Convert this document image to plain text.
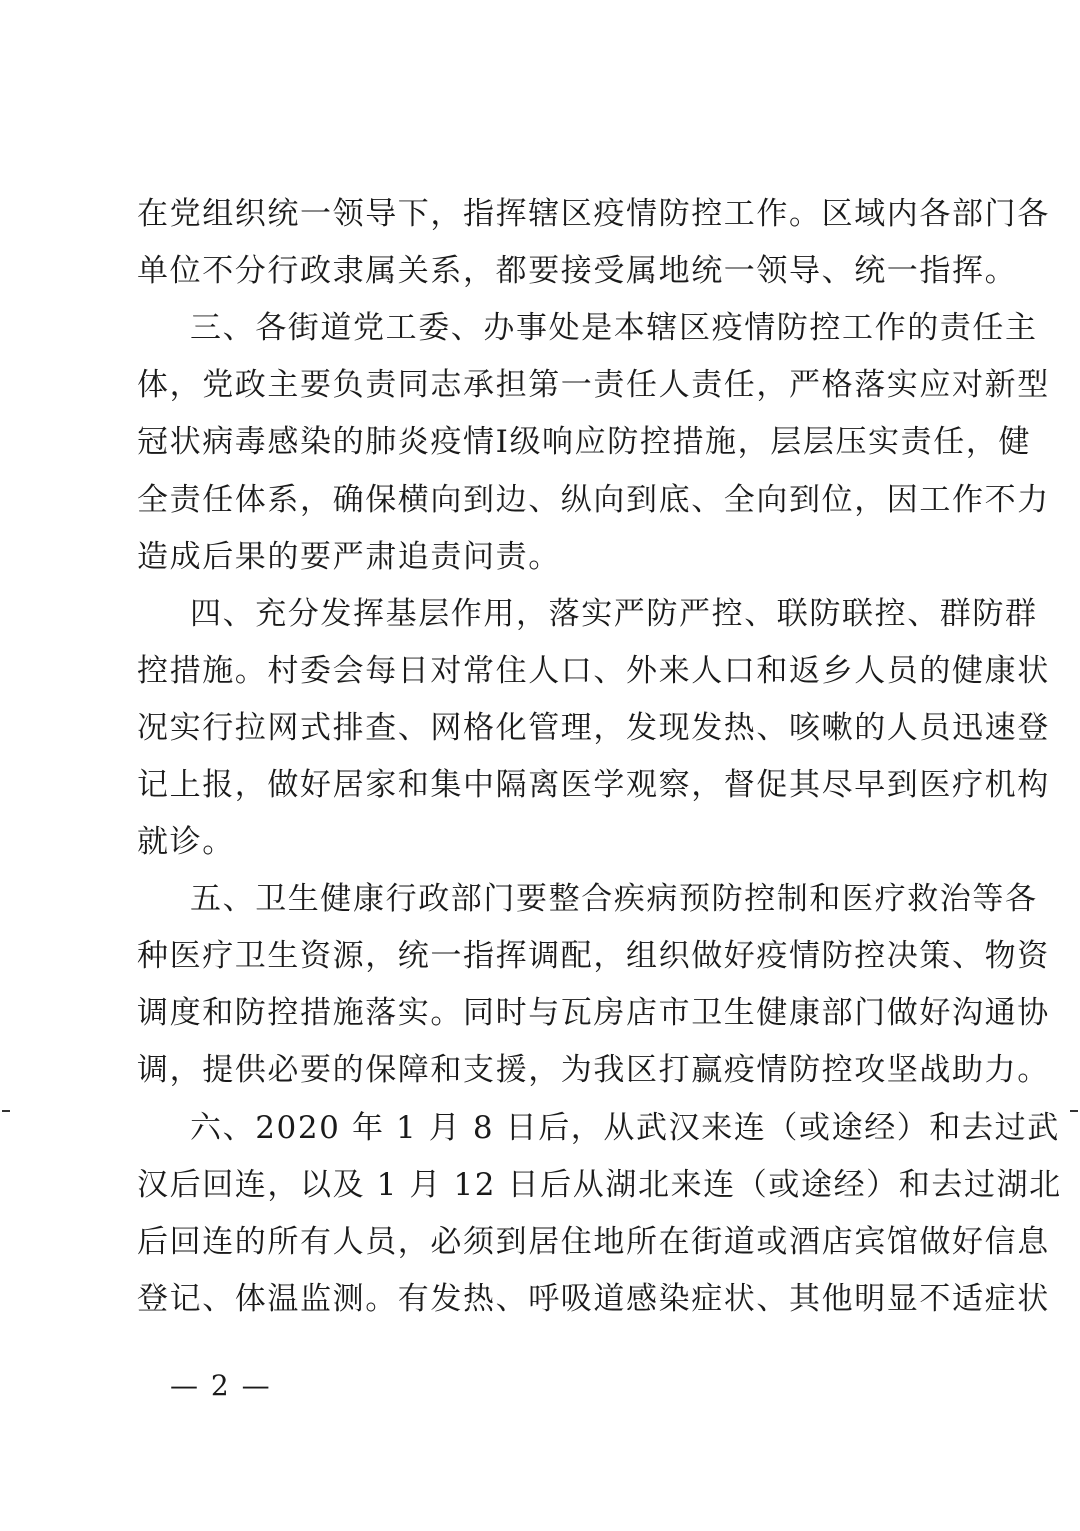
在党组织统一领导下，指挥辖区疫情防控工作。区域内各部门各
单位不分行政隶属关系，都要接受属地统一领导、统一指挥。
三、各街道党工委、办事处是本辖区疫情防控工作的责任主
体，党政主要负责同志承担第一责任人责任，严格落实应对新型
冠状病毒感染的肺炎疫情Ⅰ级响应防控措施，层层压实责任，健
全责任体系，确保横向到边、纵向到底、全向到位，因工作不力
造成后果的要严肃追责问责。
四、充分发挥基层作用，落实严防严控、联防联控、群防群
控措施。村委会每日对常住人口、外来人口和返乡人员的健康状
况实行拉网式排查、网格化管理，发现发热、咳嗽的人员迅速登
记上报，做好居家和集中隔离医学观察，督促其尽早到医疗机构
就诊。
五、卫生健康行政部门要整合疾病预防控制和医疗救治等各
种医疗卫生资源，统一指挥调配，组织做好疫情防控决策、物资
调度和防控措施落实。同时与瓦房店市卫生健康部门做好沟通协
调，提供必要的保障和支援，为我区打赢疫情防控攻坚战助力。
六、2020 年 1 月 8 日后，从武汉来连（或途经）和去过武
汉后回连，以及 1 月 12 日后从湖北来连（或途经）和去过湖北
后回连的所有人员，必须到居住地所在街道或酒店宾馆做好信息
登记、体温监测。有发热、呼吸道感染症状、其他明显不适症状
— 2 —
